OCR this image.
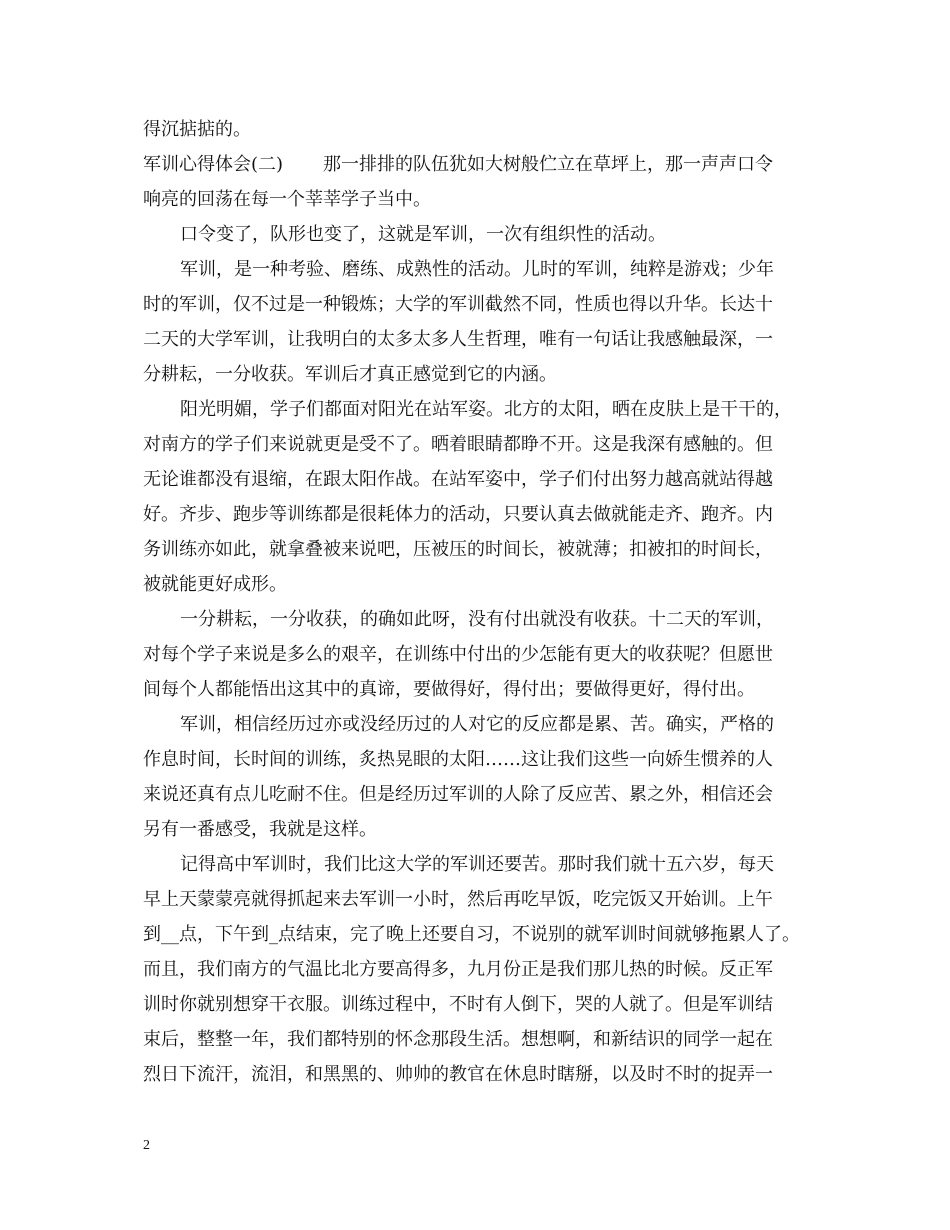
得沉掂掂的。
军训心得体会(二) 那一排排的队伍犹如大树般伫立在草坪上，那一声声口令
响亮的回荡在每一个莘莘学子当中。
口令变了，队形也变了，这就是军训，一次有组织性的活动。
军训，是一种考验、磨练、成熟性的活动。儿时的军训，纯粹是游戏；少年
时的军训，仅不过是一种锻炼；大学的军训截然不同，性质也得以升华。长达十
二天的大学军训，让我明白的太多太多人生哲理，唯有一句话让我感触最深，一
分耕耘，一分收获。军训后才真正感觉到它的内涵。
阳光明媚，学子们都面对阳光在站军姿。北方的太阳，晒在皮肤上是干干的，
对南方的学子们来说就更是受不了。晒着眼睛都睁不开。这是我深有感触的。但
无论谁都没有退缩，在跟太阳作战。在站军姿中，学子们付出努力越高就站得越
好。齐步、跑步等训练都是很耗体力的活动，只要认真去做就能走齐、跑齐。内
务训练亦如此，就拿叠被来说吧，压被压的时间长，被就薄；扣被扣的时间长，
被就能更好成形。
一分耕耘，一分收获，的确如此呀，没有付出就没有收获。十二天的军训，
对每个学子来说是多么的艰辛，在训练中付出的少怎能有更大的收获呢？但愿世
间每个人都能悟出这其中的真谛，要做得好，得付出；要做得更好，得付出。
军训，相信经历过亦或没经历过的人对它的反应都是累、苦。确实，严格的
作息时间，长时间的训练，炙热晃眼的太阳……这让我们这些一向娇生惯养的人
来说还真有点儿吃耐不住。但是经历过军训的人除了反应苦、累之外，相信还会
另有一番感受，我就是这样。
记得高中军训时，我们比这大学的军训还要苦。那时我们就十五六岁，每天
早上天蒙蒙亮就得抓起来去军训一小时，然后再吃早饭，吃完饭又开始训。上午
到__点，下午到_点结束，完了晚上还要自习，不说别的就军训时间就够拖累人了。
而且，我们南方的气温比北方要高得多，九月份正是我们那儿热的时候。反正军
训时你就别想穿干衣服。训练过程中，不时有人倒下，哭的人就了。但是军训结
束后，整整一年，我们都特别的怀念那段生活。想想啊，和新结识的同学一起在
烈日下流汗，流泪，和黑黑的、帅帅的教官在休息时瞎掰，以及时不时的捉弄一
2
